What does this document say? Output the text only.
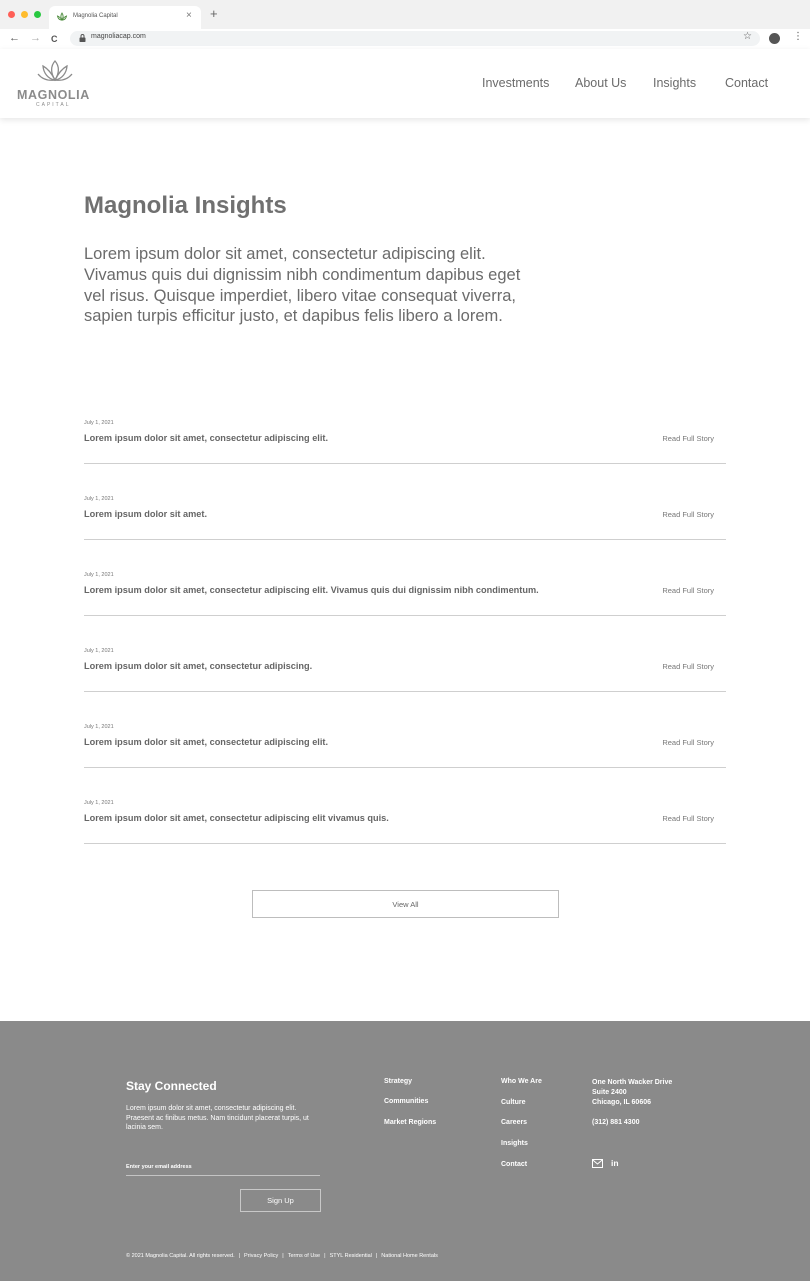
Magnolia Capital	× +
← → C	magnoliacap.com	☆	⋮
MAGNOLIA
CAPITAL
Investments About Us Insights Contact
Magnolia Insights

Lorem ipsum dolor sit amet, consectetur adipiscing elit. Vivamus quis dui dignissim nibh condimentum dapibus eget vel risus. Quisque imperdiet, libero vitae consequat viverra, sapien turpis efficitur justo, et dapibus felis libero a lorem.

July 1, 2021
Lorem ipsum dolor sit amet, consectetur adipiscing elit.	Read Full Story
July 1, 2021
Lorem ipsum dolor sit amet.	Read Full Story
July 1, 2021
Lorem ipsum dolor sit amet, consectetur adipiscing elit. Vivamus quis dui dignissim nibh condimentum.	Read Full Story
July 1, 2021
Lorem ipsum dolor sit amet, consectetur adipiscing.	Read Full Story
July 1, 2021
Lorem ipsum dolor sit amet, consectetur adipiscing elit.	Read Full Story
July 1, 2021
Lorem ipsum dolor sit amet, consectetur adipiscing elit vivamus quis.	Read Full Story
View All
Stay Connected

Lorem ipsum dolor sit amet, consectetur adipiscing elit. Praesent ac finibus metus. Nam tincidunt placerat turpis, ut lacinia sem.

Enter your email address
Sign Up
Strategy
Communities
Market Regions
Who We Are
Culture
Careers
Insights
Contact
One North Wacker Drive
Suite 2400
Chicago, IL 60606
(312) 881 4300
in
© 2021 Magnolia Capital. All rights reserved. | Privacy Policy | Terms of Use | STYL Residential | National Home Rentals
